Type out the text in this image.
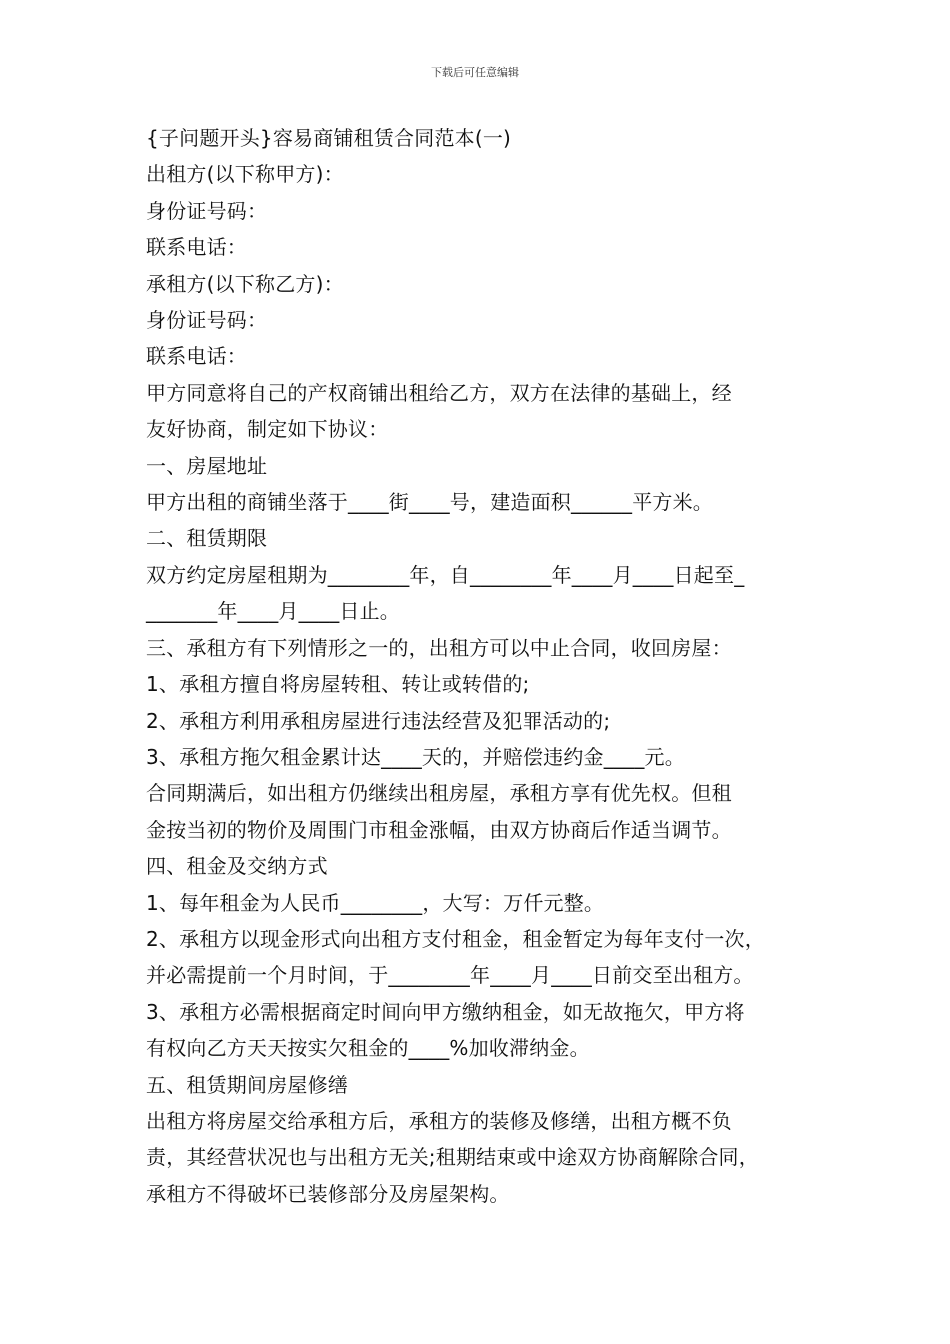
下载后可任意编辑
{子问题开头}容易商铺租赁合同范本(一)
出租方(以下称甲方)：
身份证号码：
联系电话：
承租方(以下称乙方)：
身份证号码：
联系电话：
甲方同意将自己的产权商铺出租给乙方，双方在法律的基础上，经
友好协商，制定如下协议：
一、房屋地址
甲方出租的商铺坐落于____街____号，建造面积______平方米。
二、租赁期限
双方约定房屋租期为________年，自________年____月____日起至_
_______年____月____日止。
三、承租方有下列情形之一的，出租方可以中止合同，收回房屋：
1、承租方擅自将房屋转租、转让或转借的;
2、承租方利用承租房屋进行违法经营及犯罪活动的;
3、承租方拖欠租金累计达____天的，并赔偿违约金____元。
合同期满后，如出租方仍继续出租房屋，承租方享有优先权。但租
金按当初的物价及周围门市租金涨幅，由双方协商后作适当调节。
四、租金及交纳方式
1、每年租金为人民币________，大写：万仟元整。
2、承租方以现金形式向出租方支付租金，租金暂定为每年支付一次，
并必需提前一个月时间，于________年____月____日前交至出租方。
3、承租方必需根据商定时间向甲方缴纳租金，如无故拖欠，甲方将
有权向乙方天天按实欠租金的____%加收滞纳金。
五、租赁期间房屋修缮
出租方将房屋交给承租方后，承租方的装修及修缮，出租方概不负
责，其经营状况也与出租方无关;租期结束或中途双方协商解除合同，
承租方不得破坏已装修部分及房屋架构。
